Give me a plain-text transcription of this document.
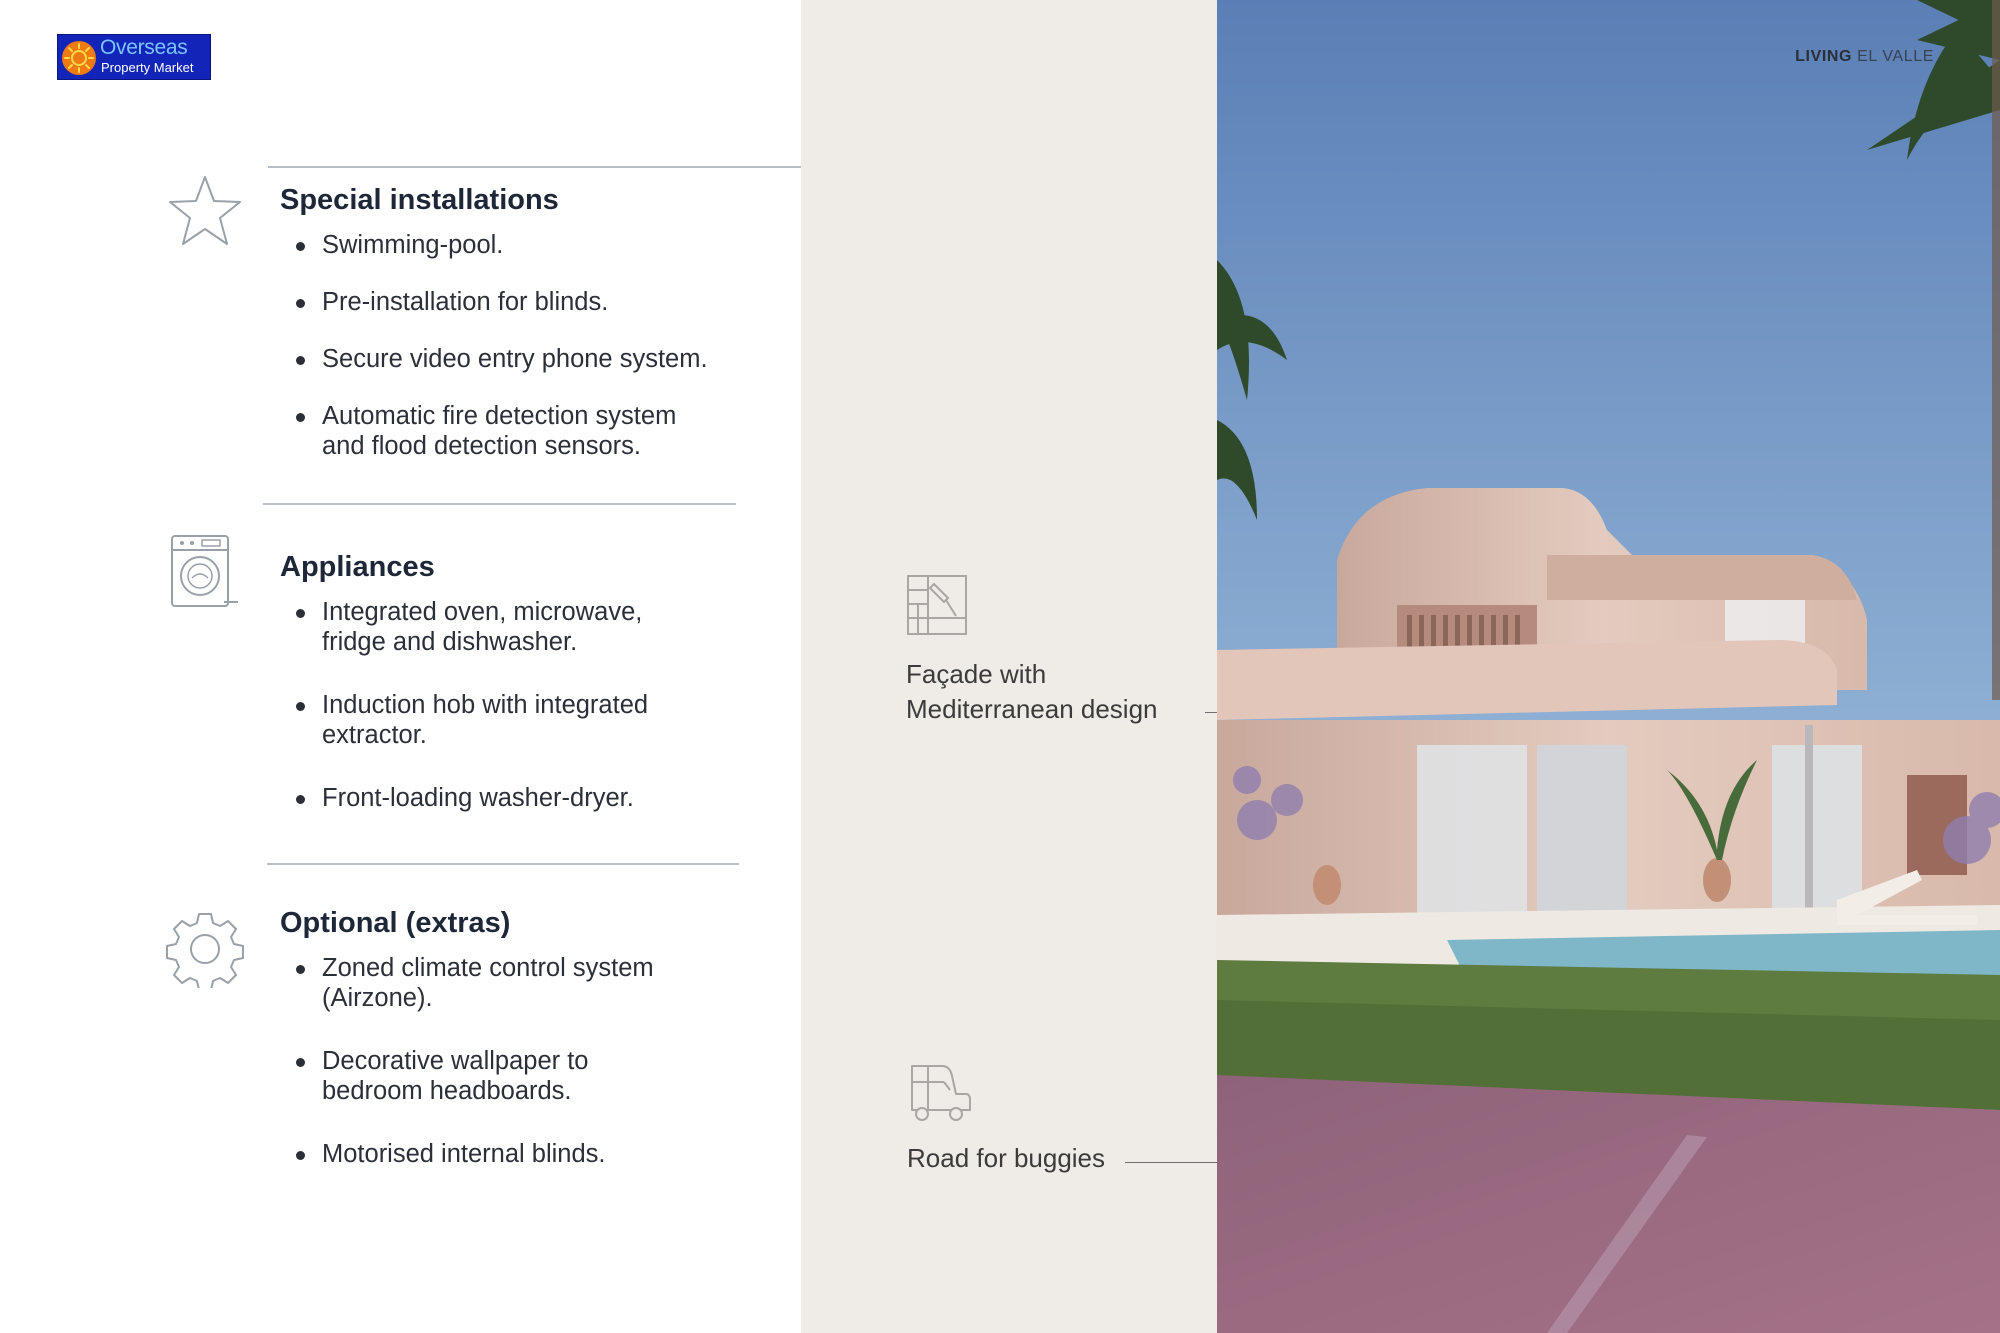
Overseas
Property Market
Special installations
Swimming-pool.
Pre-installation for blinds.
Secure video entry phone system.
Automatic fire detection system
and flood detection sensors.
Appliances
Integrated oven, microwave,
fridge and dishwasher.
Induction hob with integrated
extractor.
Front-loading washer-dryer.
Optional (extras)
Zoned climate control system
(Airzone).
Decorative wallpaper to
bedroom headboards.
Motorised internal blinds.
Façade with
Mediterranean design
Road for buggies
LIVING EL VALLE
